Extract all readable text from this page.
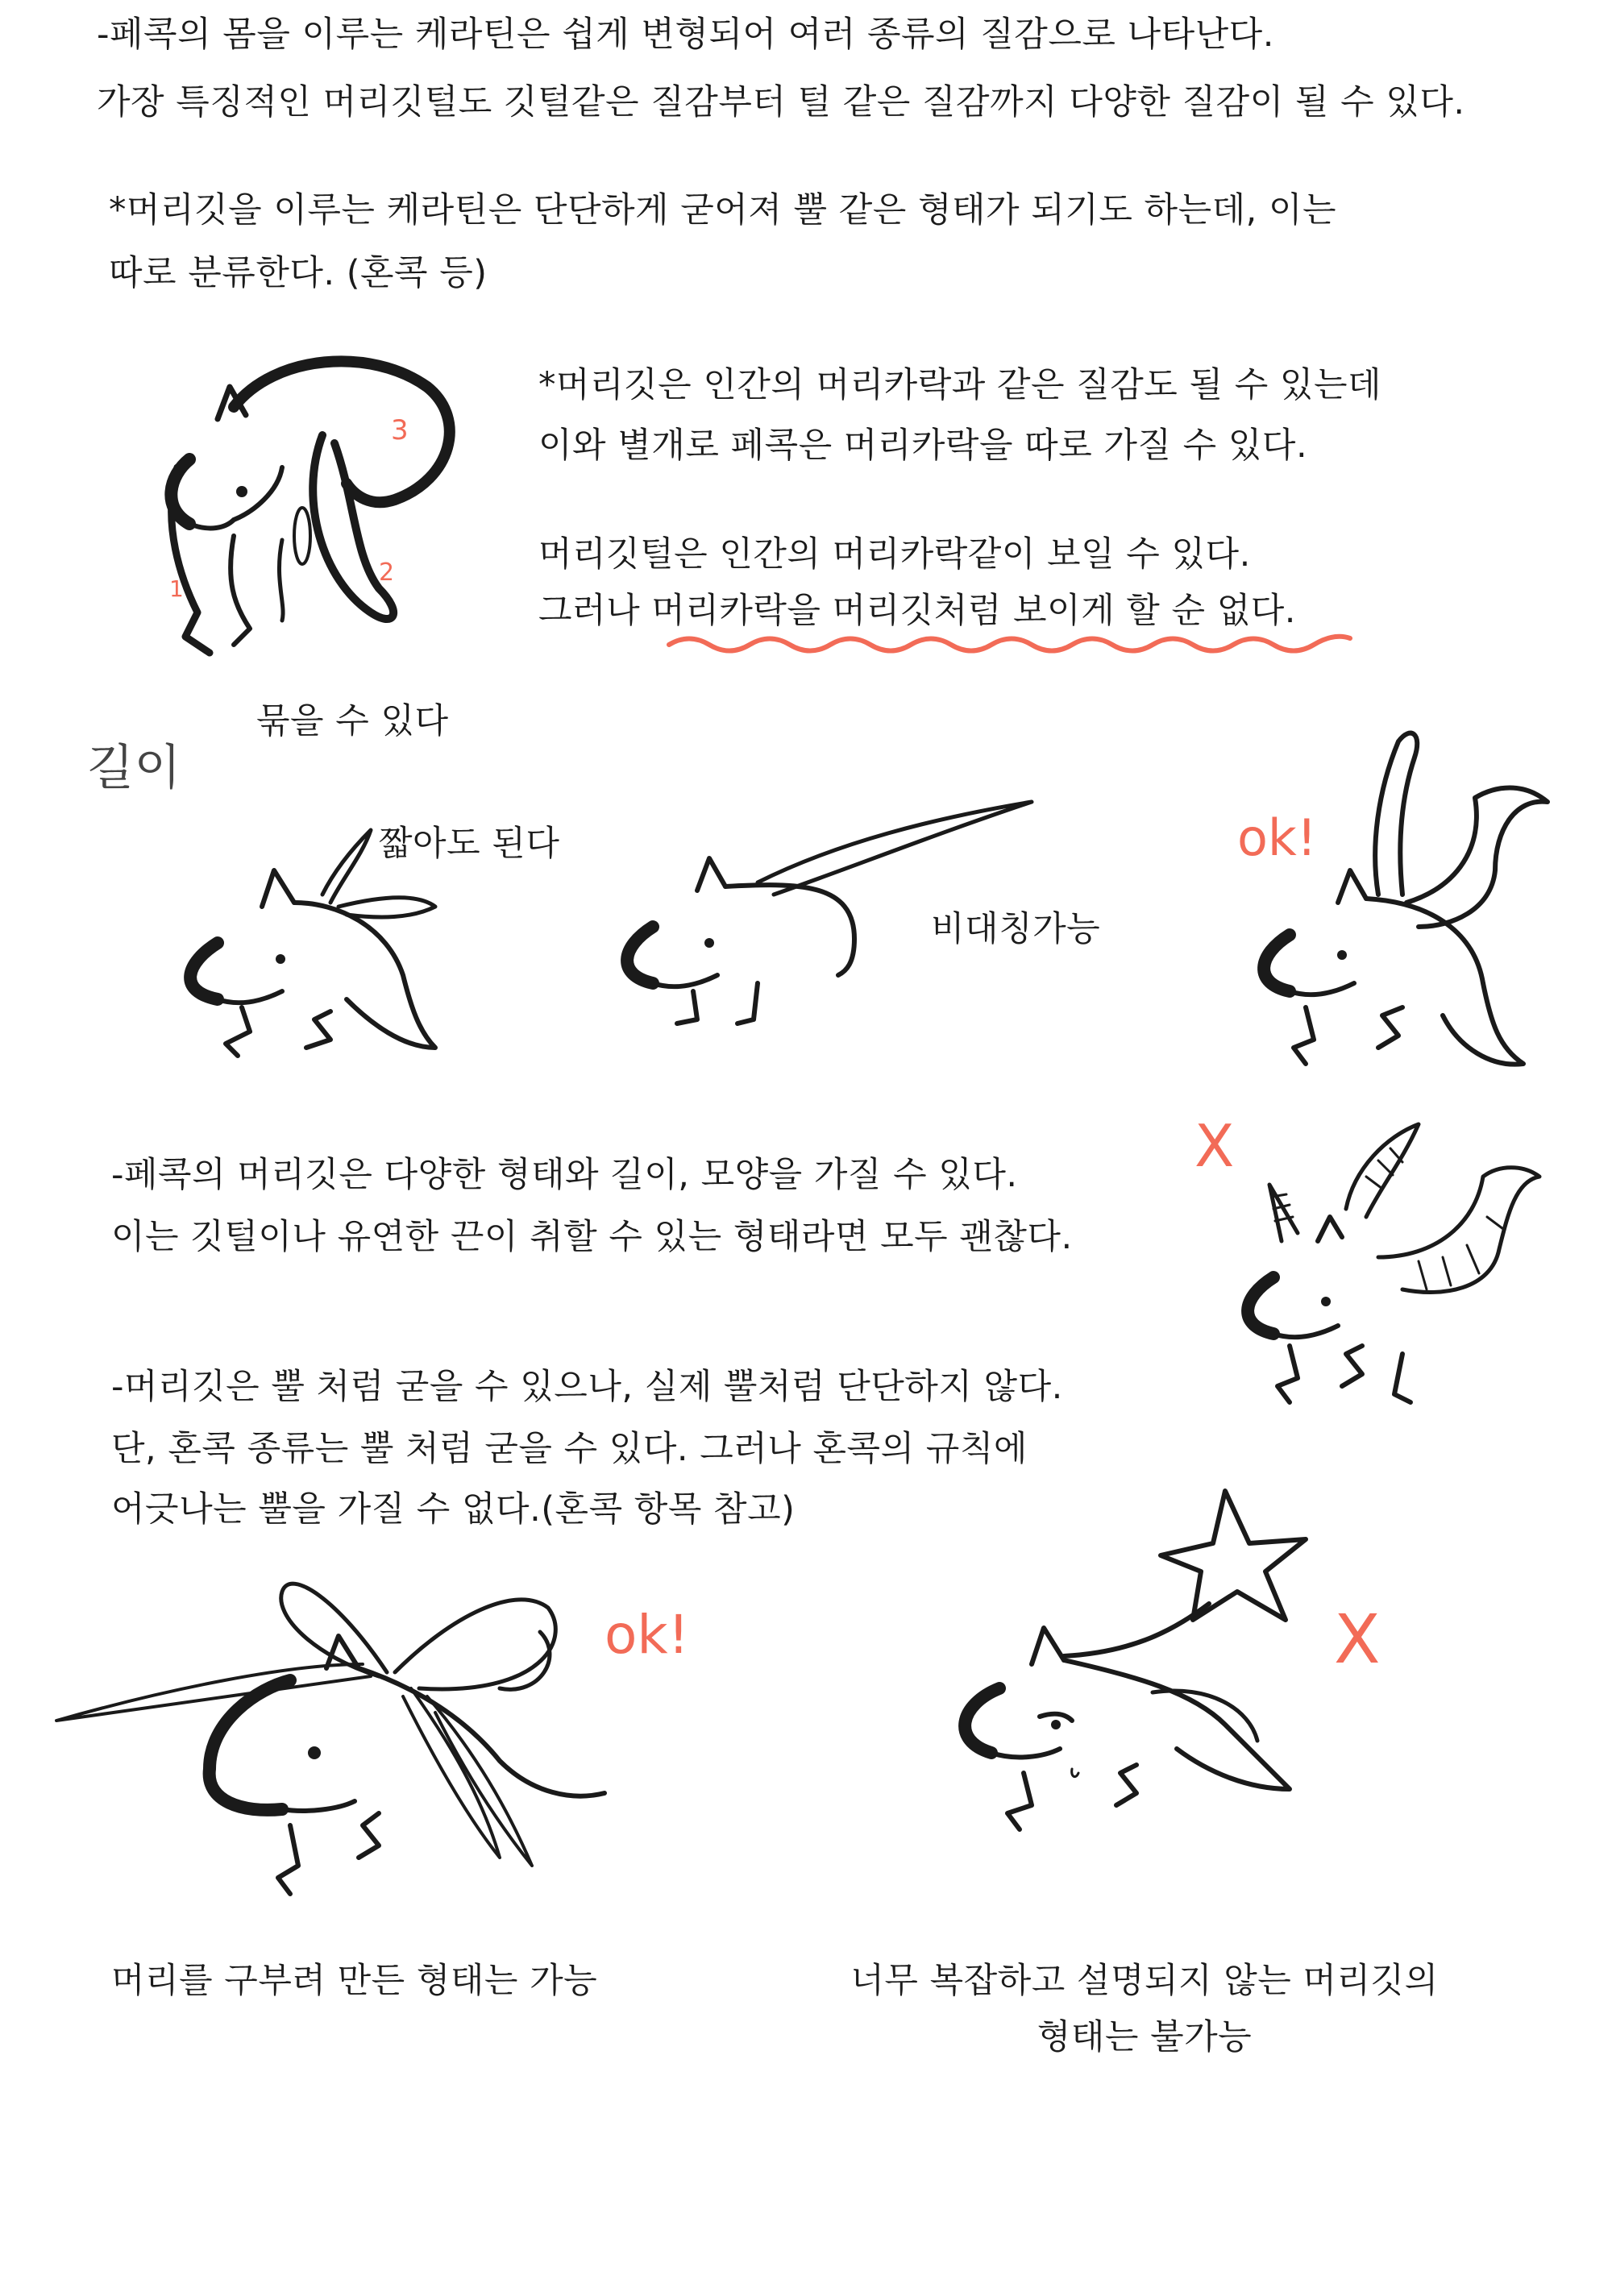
-페콕의 몸을 이루는 케라틴은 쉽게 변형되어 여러 종류의 질감으로 나타난다.
가장 특징적인 머리깃털도 깃털같은 질감부터 털 같은 질감까지 다양한 질감이 될 수 있다.
*머리깃을 이루는 케라틴은 단단하게 굳어져 뿔 같은 형태가 되기도 하는데, 이는
따로 분류한다. (혼콕 등)
*머리깃은 인간의 머리카락과 같은 질감도 될 수 있는데
이와 별개로 페콕은 머리카락을 따로 가질 수 있다.
머리깃털은 인간의 머리카락같이 보일 수 있다.
그러나 머리카락을 머리깃처럼 보이게 할 순 없다.
묶을 수 있다
길이
짧아도 된다
비대칭가능
ok!
X
-페콕의 머리깃은 다양한 형태와 길이, 모양을 가질 수 있다.
이는 깃털이나 유연한 끈이 취할 수 있는 형태라면 모두 괜찮다.
-머리깃은 뿔 처럼 굳을 수 있으나, 실제 뿔처럼 단단하지 않다.
단, 혼콕 종류는 뿔 처럼 굳을 수 있다. 그러나 혼콕의 규칙에
어긋나는 뿔을 가질 수 없다.(혼콕 항목 참고)
ok!	X
머리를 구부려 만든 형태는 가능	너무 복잡하고 설명되지 않는 머리깃의
형태는 불가능
3
2
1
